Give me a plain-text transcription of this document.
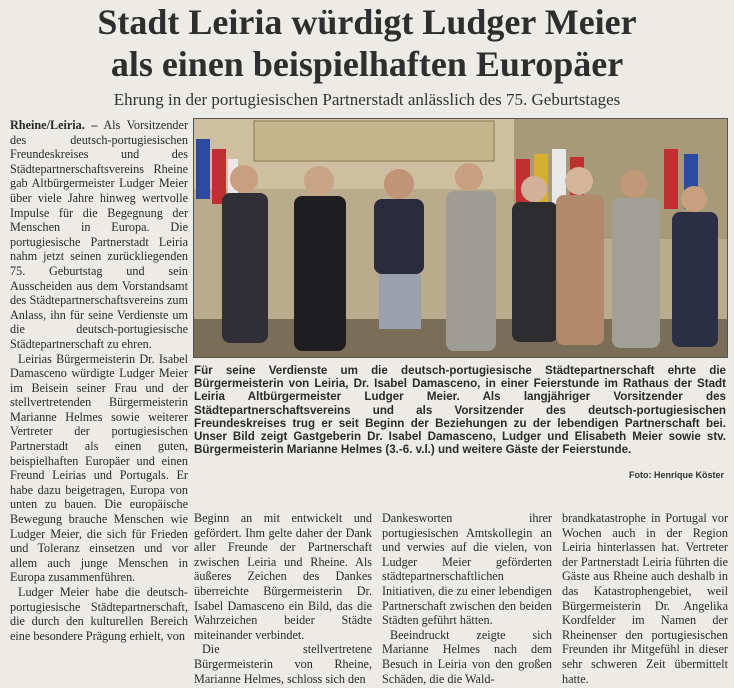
Stadt Leiria würdigt Ludger Meier
als einen beispielhaften Europäer
Ehrung in der portugiesischen Partnerstadt anlässlich des 75. Geburtstages

Rheine/Leiria. – Als Vorsitzender des deutsch-portugiesischen Freundeskreises und des Städtepartnerschaftsvereins Rheine gab Altbürgermeister Ludger Meier über viele Jahre hinweg wertvolle Impulse für die Begegnung der Menschen in Europa. Die portugiesische Partnerstadt Leiria nahm jetzt seinen zurückliegenden 75. Geburtstag und sein Ausscheiden aus dem Vorstandsamt des Städtepartnerschaftsvereins zum Anlass, ihn für seine Verdienste um die deutsch-portugiesische Städtepartnerschaft zu ehren.

Leirias Bürgermeisterin Dr. Isabel Damasceno würdigte Ludger Meier im Beisein seiner Frau und der stellvertretenden Bürgermeisterin Marianne Helmes sowie weiterer Vertreter der portugiesischen Partnerstadt als einen guten, beispielhaften Europäer und einen Freund Leirias und Portugals. Er habe dazu beigetragen, Europa von unten zu bauen. Die europäische Bewegung brauche Menschen wie Ludger Meier, die sich für Frieden und Toleranz einsetzen und vor allem auch junge Menschen in Europa zusammenführen.

Ludger Meier habe die deutsch-portugiesische Städtepartnerschaft, die durch den kulturellen Bereich eine besondere Prägung erhielt, von

Für seine Verdienste um die deutsch-portugiesische Städtepartnerschaft ehrte die Bürgermeisterin von Leiria, Dr. Isabel Damasceno, in einer Feierstunde im Rathaus der Stadt Leiria Altbürgermeister Ludger Meier. Als langjähriger Vorsitzender des Städtepartnerschaftsvereins und als Vorsitzender des deutsch-portugiesischen Freundeskreises trug er seit Beginn der Beziehungen zu der lebendigen Partnerschaft bei. Unser Bild zeigt Gastgeberin Dr. Isabel Damasceno, Ludger und Elisabeth Meier sowie stv. Bürgermeisterin Marianne Helmes (3.-6. v.l.) und weitere Gäste der Feierstunde.
Foto: Henrique Köster

Beginn an mit entwickelt und gefördert. Ihm gelte daher der Dank aller Freunde der Partnerschaft zwischen Leiria und Rheine. Als äußeres Zeichen des Dankes überreichte Bürgermeisterin Dr. Isabel Damasceno ein Bild, das die Wahrzeichen beider Städte miteinander verbindet.

Die stellvertretene Bürgermeisterin von Rheine, Marianne Helmes, schloss sich den

Dankesworten ihrer portugiesischen Amtskollegin an und verwies auf die vielen, von Ludger Meier geförderten städtepartnerschaftlichen Initiativen, die zu einer lebendigen Partnerschaft zwischen den beiden Städten geführt hätten.

Beeindruckt zeigte sich Marianne Helmes nach dem Besuch in Leiria von den großen Schäden, die die Wald-

brandkatastrophe in Portugal vor Wochen auch in der Region Leiria hinterlassen hat. Vertreter der Partnerstadt Leiria führten die Gäste aus Rheine auch deshalb in das Katastrophengebiet, weil Bürgermeisterin Dr. Angelika Kordfelder im Namen der Rheinenser den portugiesischen Freunden ihr Mitgefühl in dieser sehr schweren Zeit übermittelt hatte.
